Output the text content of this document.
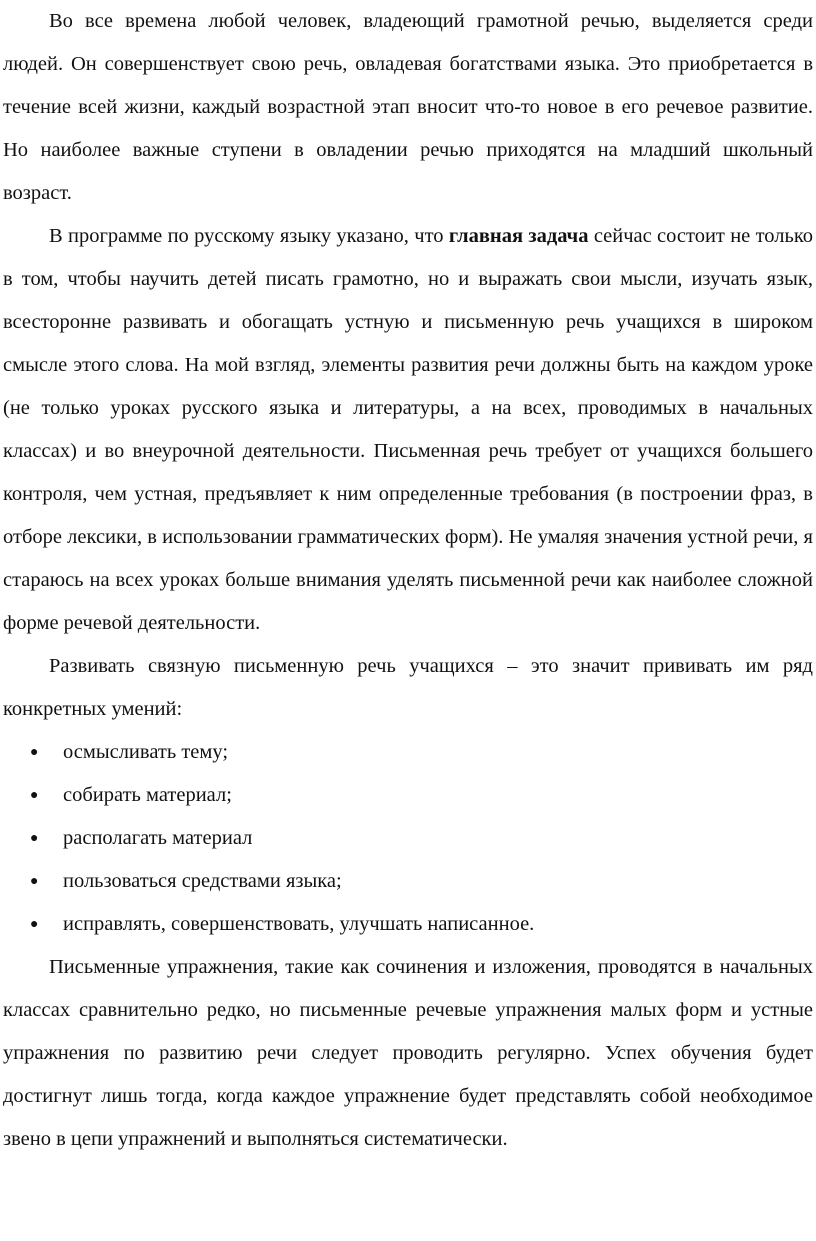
Во все времена любой человек, владеющий грамотной речью, выделяется среди людей. Он совершенствует свою речь, овладевая богатствами языка. Это приобретается в течение всей жизни, каждый возрастной этап вносит что-то новое в его речевое развитие. Но наиболее важные ступени в овладении речью приходятся на младший школьный возраст.

В программе по русскому языку указано, что главная задача сейчас состоит не только в том, чтобы научить детей писать грамотно, но и выражать свои мысли, изучать язык, всесторонне развивать и обогащать устную и письменную речь учащихся в широком смысле этого слова. На мой взгляд, элементы развития речи должны быть на каждом уроке (не только уроках русского языка и литературы, а на всех, проводимых в начальных классах) и во внеурочной деятельности. Письменная речь требует от учащихся большего контроля, чем устная, предъявляет к ним определенные требования (в построении фраз, в отборе лексики, в использовании грамматических форм). Не умаляя значения устной речи, я стараюсь на всех уроках больше внимания уделять письменной речи как наиболее сложной форме речевой деятельности.

Развивать связную письменную речь учащихся – это значит прививать им ряд конкретных умений:

● осмысливать тему;
● собирать материал;
● располагать материал
● пользоваться средствами языка;
● исправлять, совершенствовать, улучшать написанное.

Письменные упражнения, такие как сочинения и изложения, проводятся в начальных классах сравнительно редко, но письменные речевые упражнения малых форм и устные упражнения по развитию речи следует проводить регулярно. Успех обучения будет достигнут лишь тогда, когда каждое упражнение будет представлять собой необходимое звено в цепи упражнений и выполняться систематически.
